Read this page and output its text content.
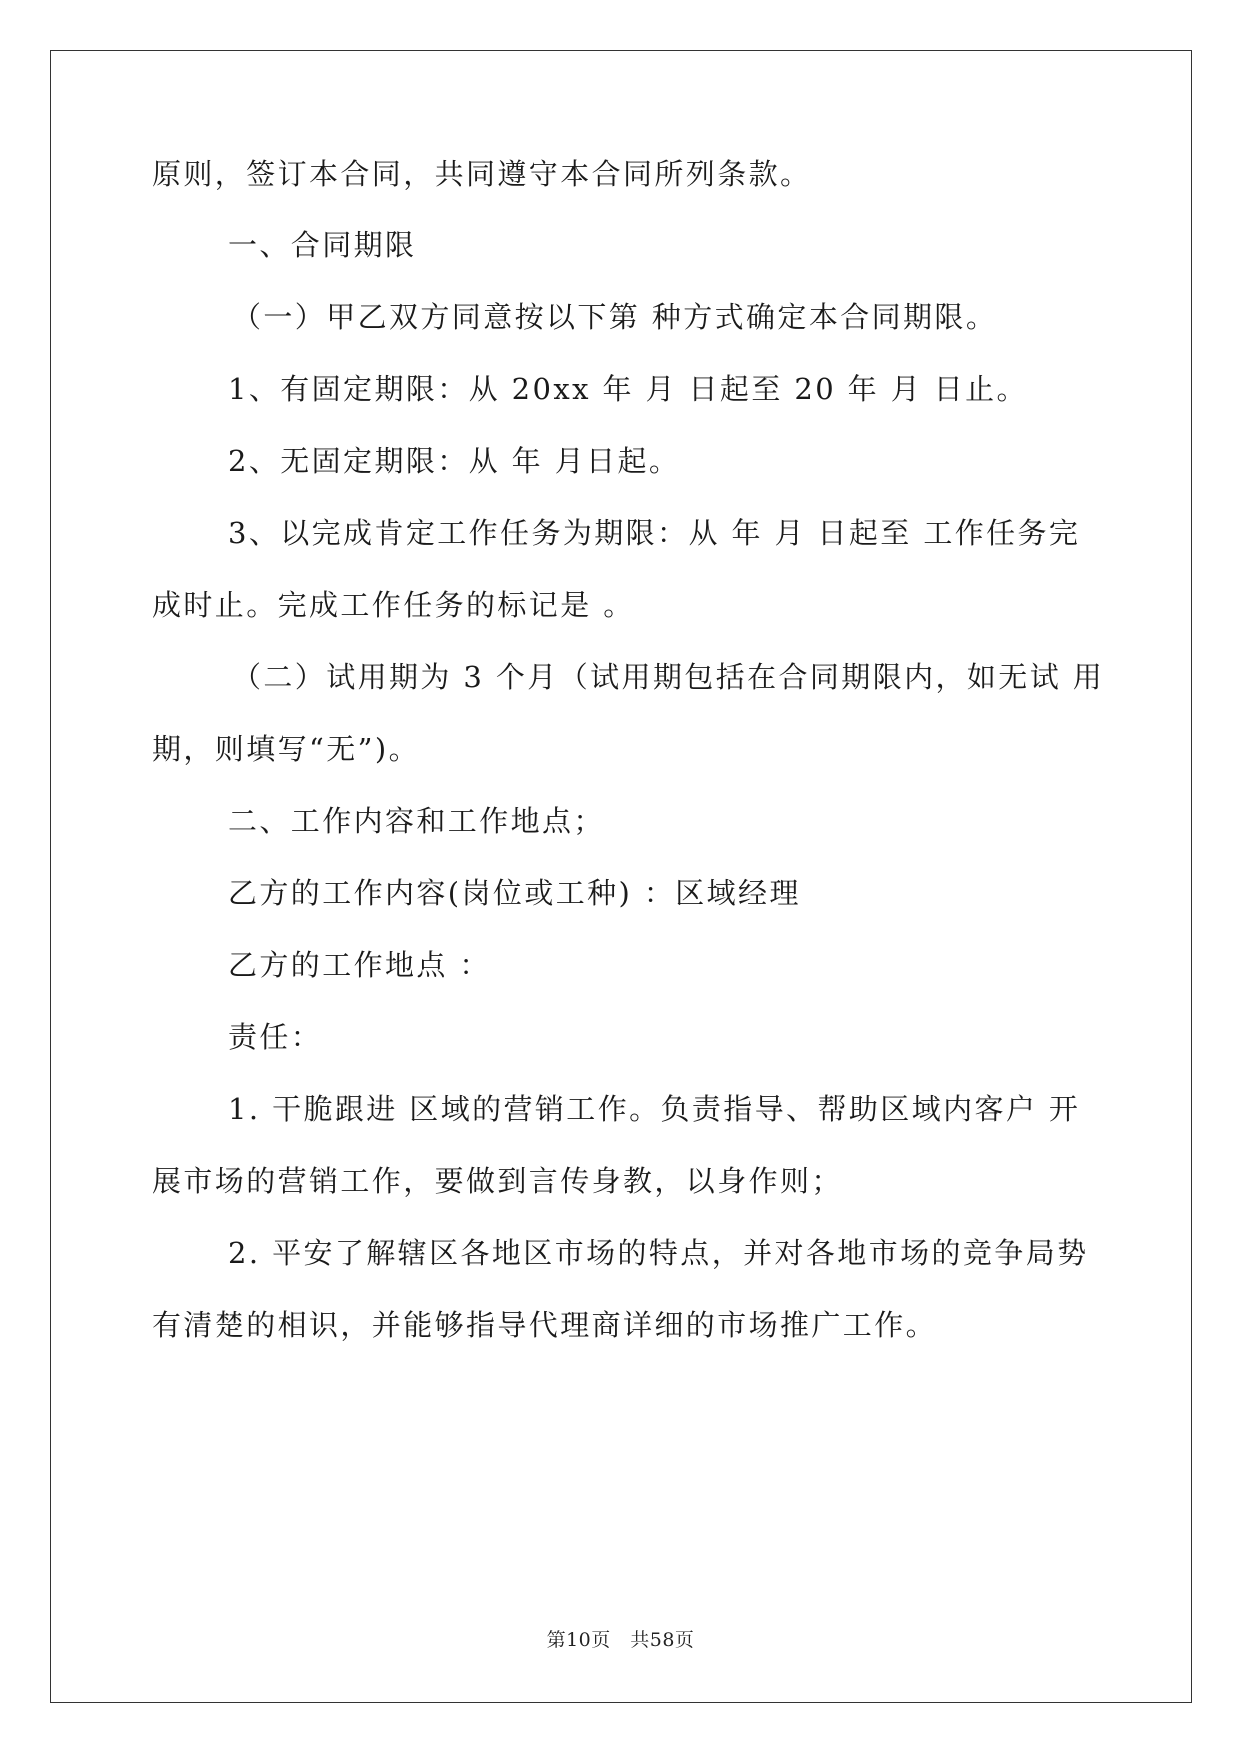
原则，签订本合同，共同遵守本合同所列条款。
一、合同期限
（一）甲乙双方同意按以下第 种方式确定本合同期限。
1、有固定期限：从 20xx 年 月 日起至 20 年 月 日止。
2、无固定期限：从 年 月日起。
3、以完成肯定工作任务为期限：从 年 月 日起至 工作任务完
成时止。完成工作任务的标记是 。
（二）试用期为 3 个月（试用期包括在合同期限内，如无试 用
期，则填写“无”)。
二、工作内容和工作地点；
乙方的工作内容(岗位或工种) ：区域经理
乙方的工作地点 ：
责任：
1. 干脆跟进 区域的营销工作。负责指导、帮助区域内客户 开
展市场的营销工作，要做到言传身教，以身作则；
2. 平安了解辖区各地区市场的特点，并对各地市场的竞争局势
有清楚的相识，并能够指导代理商详细的市场推广工作。
第10页　共58页
